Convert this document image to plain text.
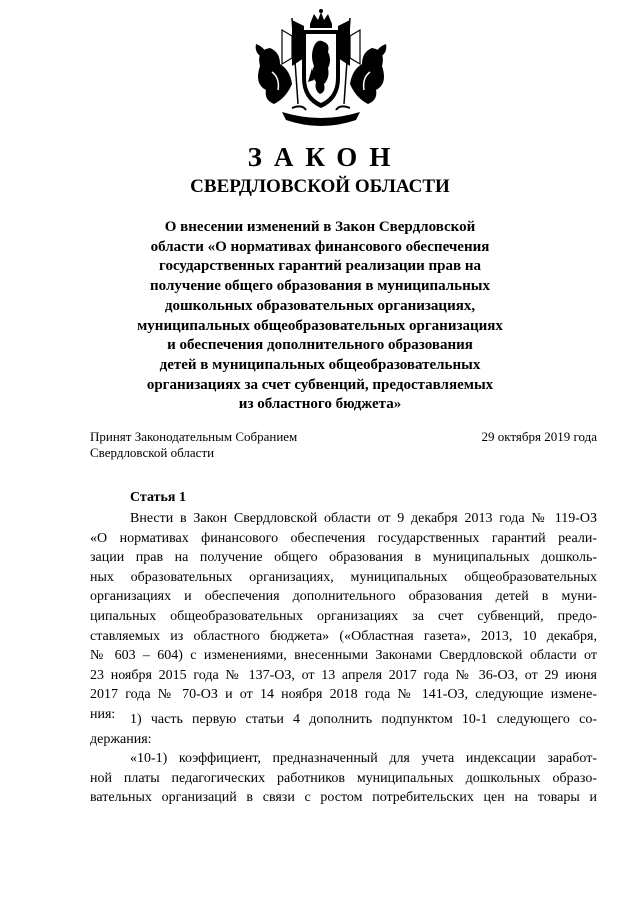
ЗАКОН
СВЕРДЛОВСКОЙ ОБЛАСТИ
О внесении изменений в Закон Свердловской
области «О нормативах финансового обеспечения
государственных гарантий реализации прав на
получение общего образования в муниципальных
дошкольных образовательных организациях,
муниципальных общеобразовательных организациях
и обеспечения дополнительного образования
детей в муниципальных общеобразовательных
организациях за счет субвенций, предоставляемых
из областного бюджета»
Принят Законодательным Собранием
Свердловской области
29 октября 2019 года
Статья 1
Внести в Закон Свердловской области от 9 декабря 2013 года № 119-ОЗ
«О нормативах финансового обеспечения государственных гарантий реали-
зации прав на получение общего образования в муниципальных дошколь-
ных образовательных организациях, муниципальных общеобразовательных
организациях и обеспечения дополнительного образования детей в муни-
ципальных общеобразовательных организациях за счет субвенций, предо-
ставляемых из областного бюджета» («Областная газета», 2013, 10 декабря,
№ 603 – 604) с изменениями, внесенными Законами Свердловской области от
23 ноября 2015 года № 137-ОЗ, от 13 апреля 2017 года № 36-ОЗ, от 29 июня
2017 года № 70-ОЗ и от 14 ноября 2018 года № 141-ОЗ, следующие измене-
ния:	1) часть первую статьи 4 дополнить подпунктом 10-1 следующего со-
держания:
«10-1) коэффициент, предназначенный для учета индексации заработ-
ной платы педагогических работников муниципальных дошкольных образо-
вательных организаций в связи с ростом потребительских цен на товары и
